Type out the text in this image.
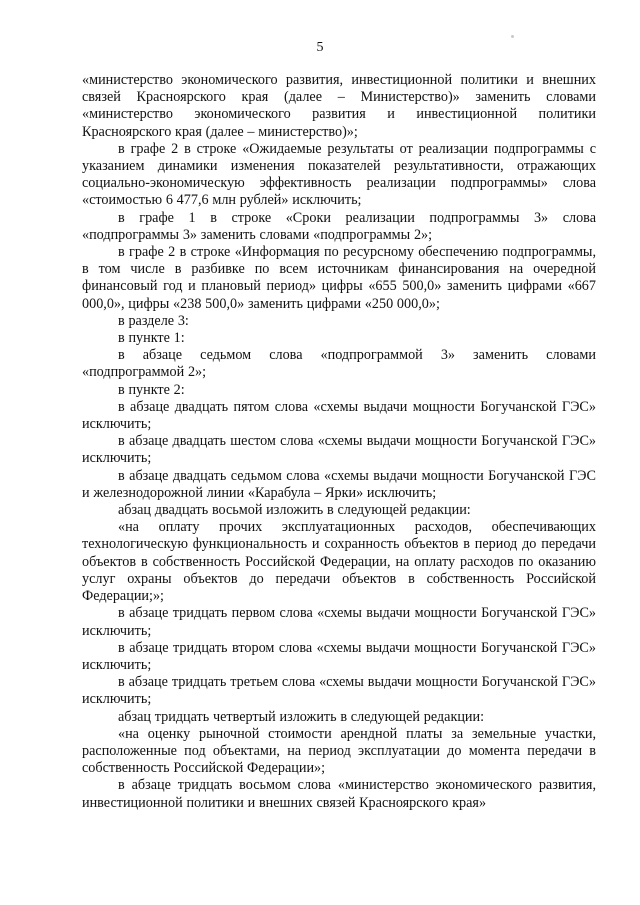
5

«министерство экономического развития, инвестиционной политики и внешних связей Красноярского края (далее – Министерство)» заменить словами «министерство экономического развития и инвестиционной политики Красноярского края (далее – министерство)»;

в графе 2 в строке «Ожидаемые результаты от реализации подпрограммы с указанием динамики изменения показателей результативности, отражающих социально-экономическую эффективность реализации подпрограммы» слова «стоимостью 6 477,6 млн рублей» исключить;

в графе 1 в строке «Сроки реализации подпрограммы 3» слова «подпрограммы 3» заменить словами «подпрограммы 2»;

в графе 2 в строке «Информация по ресурсному обеспечению подпрограммы, в том числе в разбивке по всем источникам финансирования на очередной финансовый год и плановый период» цифры «655 500,0» заменить цифрами «667 000,0», цифры «238 500,0» заменить цифрами «250 000,0»;

в разделе 3:

в пункте 1:

в абзаце седьмом слова «подпрограммой 3» заменить словами «подпрограммой 2»;

в пункте 2:

в абзаце двадцать пятом слова «схемы выдачи мощности Богучанской ГЭС» исключить;

в абзаце двадцать шестом слова «схемы выдачи мощности Богучанской ГЭС» исключить;

в абзаце двадцать седьмом слова «схемы выдачи мощности Богучанской ГЭС и железнодорожной линии «Карабула – Ярки» исключить;

абзац двадцать восьмой изложить в следующей редакции:

«на оплату прочих эксплуатационных расходов, обеспечивающих технологическую функциональность и сохранность объектов в период до передачи объектов в собственность Российской Федерации, на оплату расходов по оказанию услуг охраны объектов до передачи объектов в собственность Российской Федерации;»;

в абзаце тридцать первом слова «схемы выдачи мощности Богучанской ГЭС» исключить;

в абзаце тридцать втором слова «схемы выдачи мощности Богучанской ГЭС» исключить;

в абзаце тридцать третьем слова «схемы выдачи мощности Богучанской ГЭС» исключить;

абзац тридцать четвертый изложить в следующей редакции:

«на оценку рыночной стоимости арендной платы за земельные участки, расположенные под объектами, на период эксплуатации до момента передачи в собственность Российской Федерации»;

в абзаце тридцать восьмом слова «министерство экономического развития, инвестиционной политики и внешних связей Красноярского края»
